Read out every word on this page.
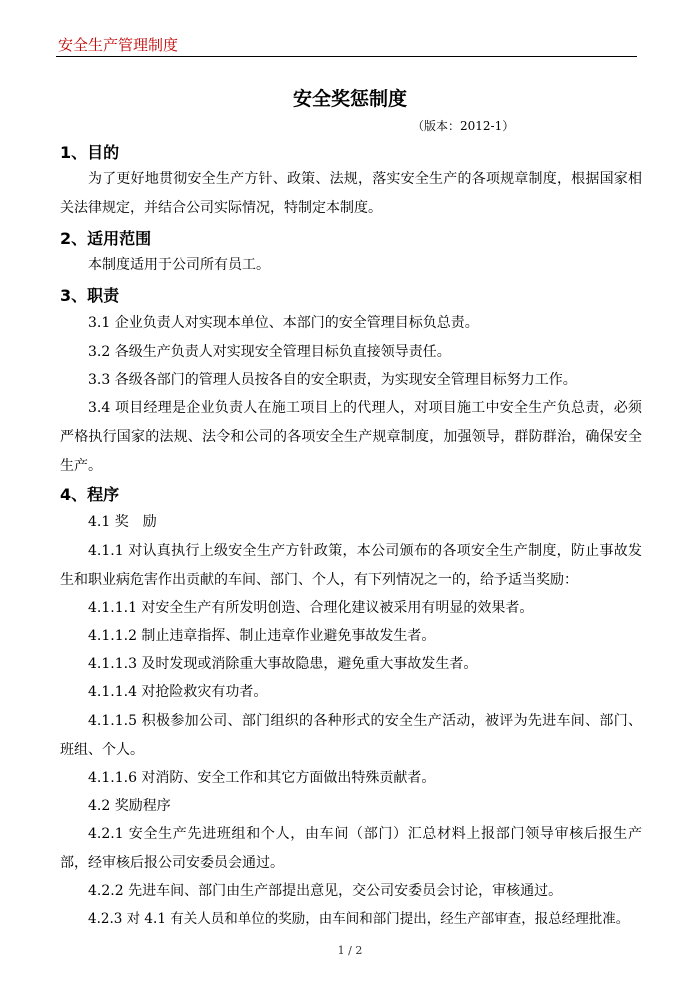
安全生产管理制度
安全奖惩制度
（版本：2012-1）
1、目的
为了更好地贯彻安全生产方针、政策、法规，落实安全生产的各项规章制度，根据国家相关法律规定，并结合公司实际情况，特制定本制度。
2、适用范围
本制度适用于公司所有员工。
3、职责
3.1 企业负责人对实现本单位、本部门的安全管理目标负总责。
3.2 各级生产负责人对实现安全管理目标负直接领导责任。
3.3 各级各部门的管理人员按各自的安全职责，为实现安全管理目标努力工作。
3.4 项目经理是企业负责人在施工项目上的代理人，对项目施工中安全生产负总责，必须严格执行国家的法规、法令和公司的各项安全生产规章制度，加强领导，群防群治，确保安全生产。
4、程序
4.1 奖　励
4.1.1 对认真执行上级安全生产方针政策，本公司颁布的各项安全生产制度，防止事故发生和职业病危害作出贡献的车间、部门、个人，有下列情况之一的，给予适当奖励：
4.1.1.1 对安全生产有所发明创造、合理化建议被采用有明显的效果者。
4.1.1.2 制止违章指挥、制止违章作业避免事故发生者。
4.1.1.3 及时发现或消除重大事故隐患，避免重大事故发生者。
4.1.1.4 对抢险救灾有功者。
4.1.1.5 积极参加公司、部门组织的各种形式的安全生产活动，被评为先进车间、部门、班组、个人。
4.1.1.6 对消防、安全工作和其它方面做出特殊贡献者。
4.2 奖励程序
4.2.1 安全生产先进班组和个人，由车间（部门）汇总材料上报部门领导审核后报生产部，经审核后报公司安委员会通过。
4.2.2 先进车间、部门由生产部提出意见，交公司安委员会讨论，审核通过。
4.2.3 对 4.1 有关人员和单位的奖励，由车间和部门提出，经生产部审查，报总经理批准。
1 / 2
